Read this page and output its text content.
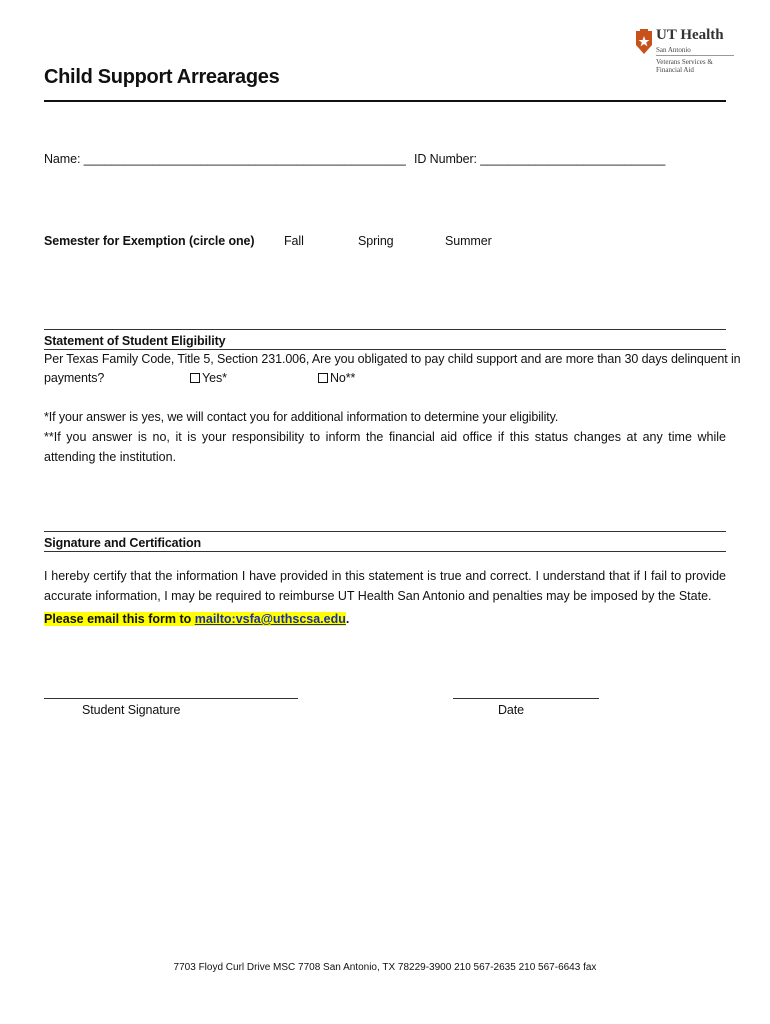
UT Health
San Antonio
Veterans Services &
Financial Aid
Child Support Arrearages
Name: _______________________________________________ ID Number: ___________________________
Semester for Exemption (circle one) Fall	Spring	Summer
Statement of Student Eligibility
Per Texas Family Code, Title 5, Section 231.006, Are you obligated to pay child support and are more than 30 days delinquent in
payments?	Yes*	No**
*If your answer is yes, we will contact you for additional information to determine your eligibility.
**If you answer is no, it is your responsibility to inform the financial aid office if this status changes at any time while attending the institution.
Signature and Certification
I hereby certify that the information I have provided in this statement is true and correct. I understand that if I fail to provide accurate information, I may be required to reimburse UT Health San Antonio and penalties may be imposed by the State.
Please email this form to mailto:vsfa@uthscsa.edu.
Student Signature	Date
7703 Floyd Curl Drive MSC 7708 San Antonio, TX 78229-3900 210 567-2635 210 567-6643 fax
